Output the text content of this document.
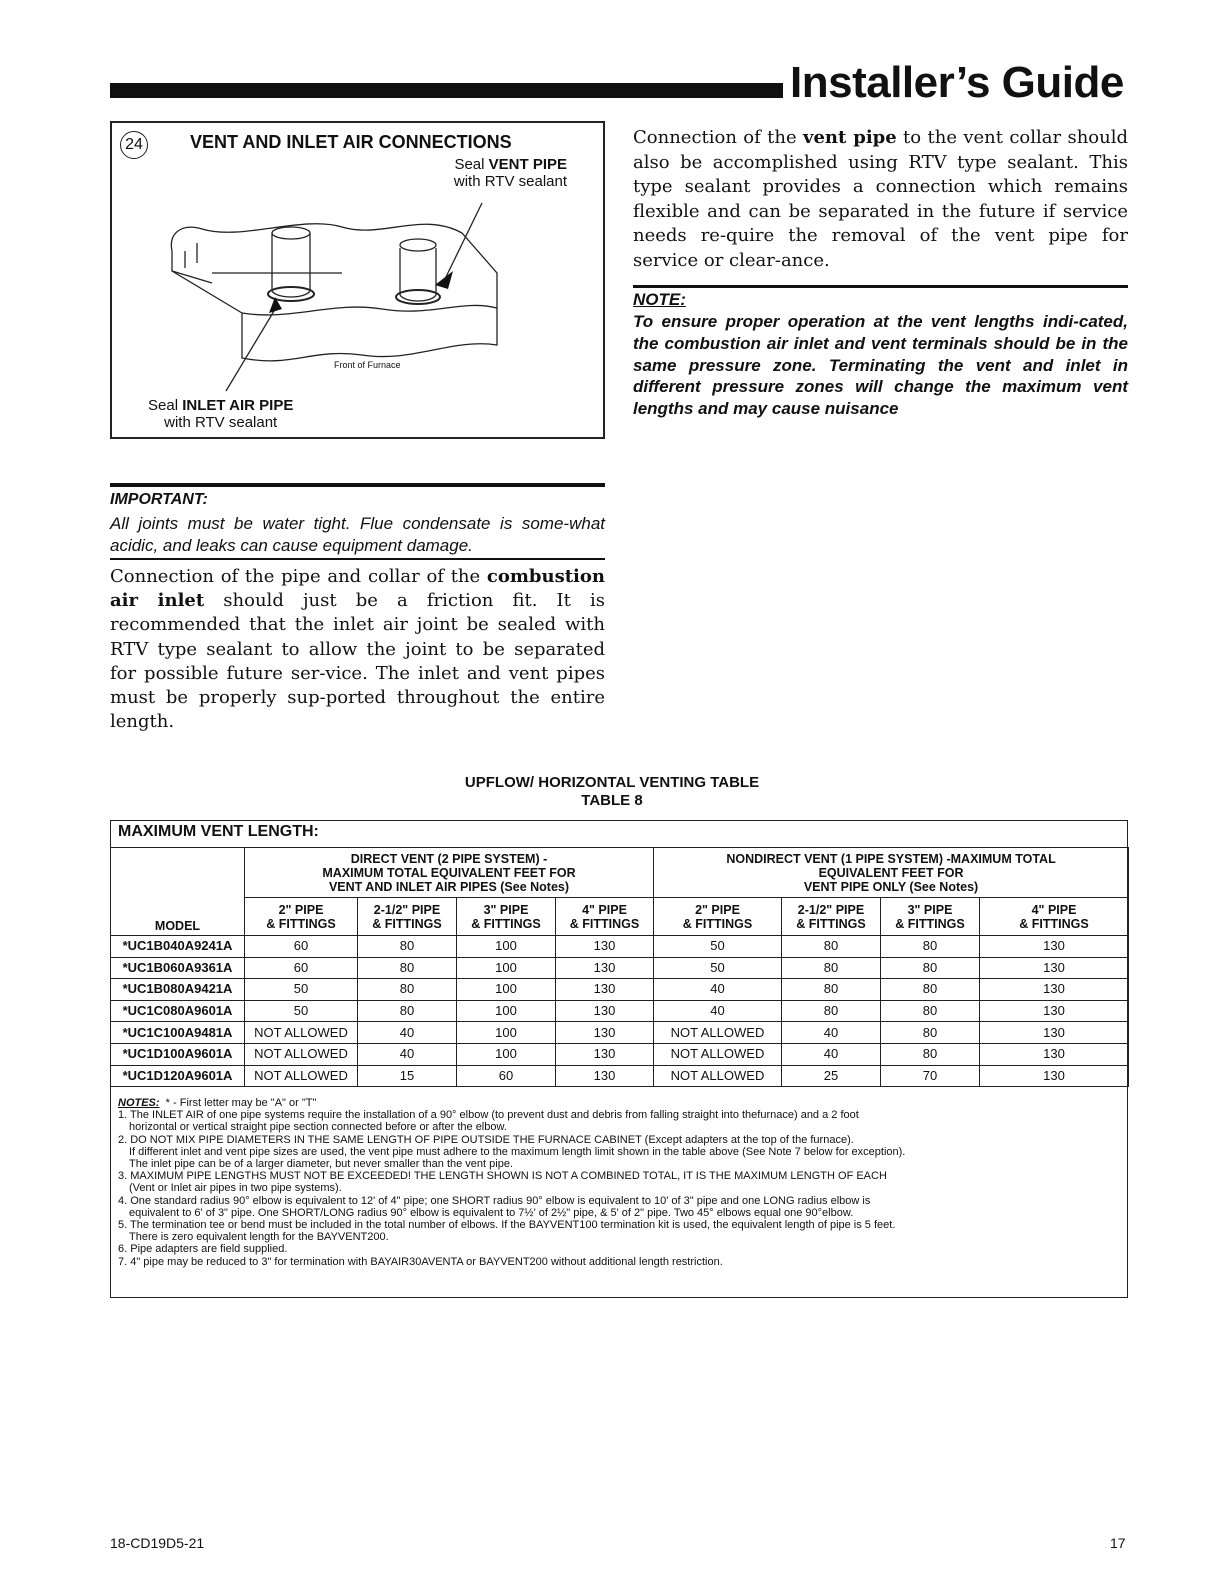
Installer’s Guide
24	VENT AND INLET AIR CONNECTIONS
Seal VENT PIPE
with RTV sealant
Front of Furnace
Seal INLET AIR PIPE
with RTV sealant
Connection of the vent pipe to the vent collar should also be accomplished using RTV type sealant. This type sealant provides a connection which remains flexible and can be separated in the future if service needs re-quire the removal of the vent pipe for service or clear-ance.
NOTE:
To ensure proper operation at the vent lengths indi-cated, the combustion air inlet and vent terminals should be in the same pressure zone. Terminating the vent and inlet in different pressure zones will change the maximum vent lengths and may cause nuisance
IMPORTANT:
All joints must be water tight. Flue condensate is some-what acidic, and leaks can cause equipment damage.
Connection of the pipe and collar of the combustion air inlet should just be a friction fit. It is recommended that the inlet air joint be sealed with RTV type sealant to allow the joint to be separated for possible future ser-vice. The inlet and vent pipes must be properly sup-ported throughout the entire length.
UPFLOW/ HORIZONTAL VENTING TABLE
TABLE 8
MAXIMUM VENT LENGTH:
MODEL	DIRECT VENT (2 PIPE SYSTEM) -
MAXIMUM TOTAL EQUIVALENT FEET FOR
VENT AND INLET AIR PIPES (See Notes)				NONDIRECT VENT (1 PIPE SYSTEM) -MAXIMUM TOTAL
EQUIVALENT FEET FOR
VENT PIPE ONLY (See Notes)			
	2" PIPE
& FITTINGS	2-1/2" PIPE
& FITTINGS	3" PIPE
& FITTINGS	4" PIPE
& FITTINGS	2" PIPE
& FITTINGS	2-1/2" PIPE
& FITTINGS	3" PIPE
& FITTINGS	4" PIPE
& FITTINGS
*UC1B040A9241A	60	80	100	130	50	80	80	130
*UC1B060A9361A	60	80	100	130	50	80	80	130
*UC1B080A9421A	50	80	100	130	40	80	80	130
*UC1C080A9601A	50	80	100	130	40	80	80	130
*UC1C100A9481A	NOT ALLOWED	40	100	130	NOT ALLOWED	40	80	130
*UC1D100A9601A	NOT ALLOWED	40	100	130	NOT ALLOWED	40	80	130
*UC1D120A9601A	NOT ALLOWED	15	60	130	NOT ALLOWED	25	70	130
NOTES:  * - First letter may be "A" or "T"
1. The INLET AIR of one pipe systems require the installation of a 90° elbow (to prevent dust and debris from falling straight into thefurnace) and a 2 foot
horizontal or vertical straight pipe section connected before or after the elbow.
2. DO NOT MIX PIPE DIAMETERS IN THE SAME LENGTH OF PIPE OUTSIDE THE FURNACE CABINET (Except adapters at the top of the furnace).
If different inlet and vent pipe sizes are used, the vent pipe must adhere to the maximum length limit shown in the table above (See Note 7 below for exception).
The inlet pipe can be of a larger diameter, but never smaller than the vent pipe.
3. MAXIMUM PIPE LENGTHS MUST NOT BE EXCEEDED! THE LENGTH SHOWN IS NOT A COMBINED TOTAL, IT IS THE MAXIMUM LENGTH OF EACH
(Vent or Inlet air pipes in two pipe systems).
4. One standard radius 90° elbow is equivalent to 12' of 4" pipe; one SHORT radius 90° elbow is equivalent to 10' of 3" pipe and one LONG radius elbow is
equivalent to 6' of 3" pipe. One SHORT/LONG radius 90° elbow is equivalent to 7½' of 2½" pipe, & 5' of 2" pipe. Two 45° elbows equal one 90°elbow.
5. The termination tee or bend must be included in the total number of elbows. If the BAYVENT100 termination kit is used, the equivalent length of pipe is 5 feet.
There is zero equivalent length for the BAYVENT200.
6. Pipe adapters are field supplied.
7. 4" pipe may be reduced to 3" for termination with BAYAIR30AVENTA or BAYVENT200 without additional length restriction.
18-CD19D5-21	17
